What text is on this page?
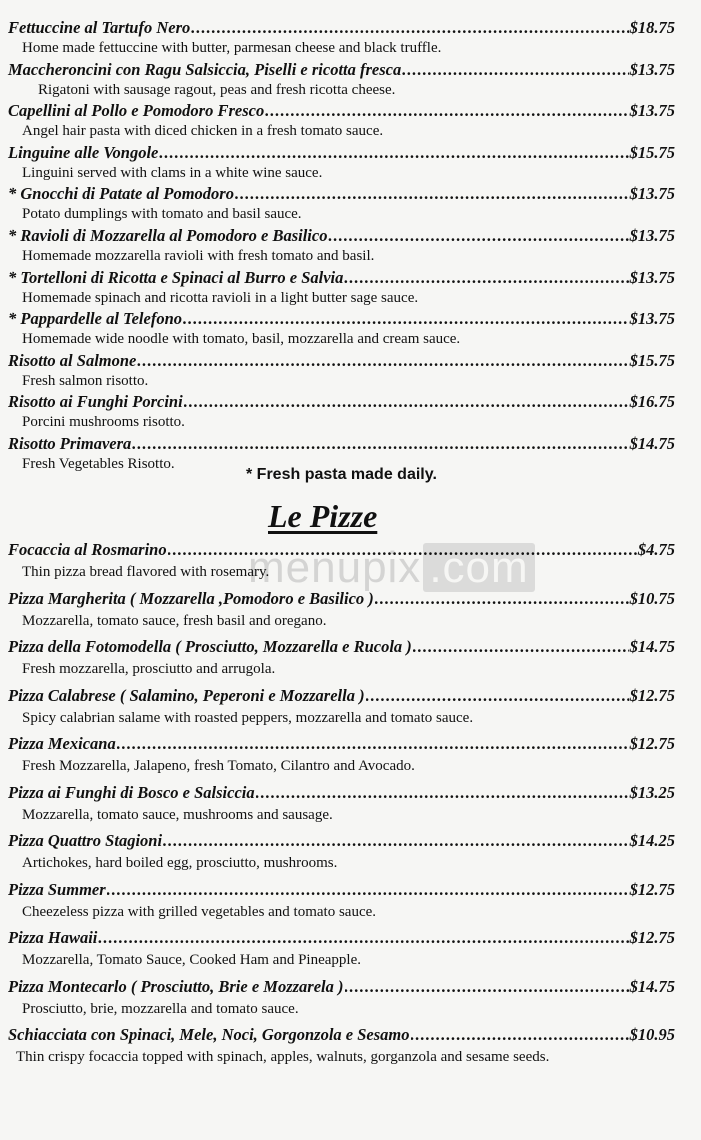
Fettuccine al Tartufo Nero .....	$18.75
Home made fettuccine with butter, parmesan cheese and black truffle.
Maccheroncini con Ragu Salsiccia, Piselli e ricotta fresca .....	$13.75
Rigatoni with sausage ragout, peas and fresh ricotta cheese.
Capellini al Pollo e Pomodoro Fresco .....	$13.75
Angel hair pasta with diced chicken in a fresh tomato sauce.
Linguine alle Vongole .....	$15.75
Linguini served with clams in a white wine sauce.
* Gnocchi di Patate al Pomodoro .....	$13.75
Potato dumplings with tomato and basil sauce.
* Ravioli di Mozzarella al Pomodoro e Basilico .....	$13.75
Homemade mozzarella ravioli with fresh tomato and basil.
* Tortelloni di Ricotta e Spinaci al Burro e Salvia .....	$13.75
Homemade spinach and ricotta ravioli in a light butter sage sauce.
* Pappardelle al Telefono .....	$13.75
Homemade wide noodle with tomato, basil, mozzarella and cream sauce.
Risotto al Salmone .....	$15.75
Fresh salmon risotto.
Risotto ai Funghi Porcini .....	$16.75
Porcini mushrooms risotto.
Risotto Primavera .....	$14.75
Fresh Vegetables Risotto.
* Fresh pasta made daily.
Le Pizze
menupix .com
Focaccia al Rosmarino .....	$4.75
Thin pizza bread flavored with rosemary.
Pizza Margherita ( Mozzarella ,Pomodoro e Basilico ) .....	$10.75
Mozzarella, tomato sauce, fresh basil and oregano.
Pizza della Fotomodella ( Prosciutto, Mozzarella e Rucola ) .....	$14.75
Fresh mozzarella, prosciutto and arrugola.
Pizza Calabrese ( Salamino, Peperoni e Mozzarella ) .....	$12.75
Spicy calabrian salame with roasted peppers, mozzarella and tomato sauce.
Pizza Mexicana .....	$12.75
Fresh Mozzarella, Jalapeno, fresh Tomato, Cilantro and Avocado.
Pizza ai Funghi di Bosco e Salsiccia .....	$13.25
Mozzarella, tomato sauce, mushrooms and sausage.
Pizza Quattro Stagioni .....	$14.25
Artichokes, hard boiled egg, prosciutto, mushrooms.
Pizza Summer .....	$12.75
Cheezeless pizza with grilled vegetables and tomato sauce.
Pizza Hawaii .....	$12.75
Mozzarella, Tomato Sauce, Cooked Ham and Pineapple.
Pizza Montecarlo ( Prosciutto, Brie e Mozzarela ) .....	$14.75
Prosciutto, brie, mozzarella and tomato sauce.
Schiacciata con Spinaci, Mele, Noci, Gorgonzola e Sesamo .....	$10.95
Thin crispy focaccia topped with spinach, apples, walnuts, gorganzola and sesame seeds.
